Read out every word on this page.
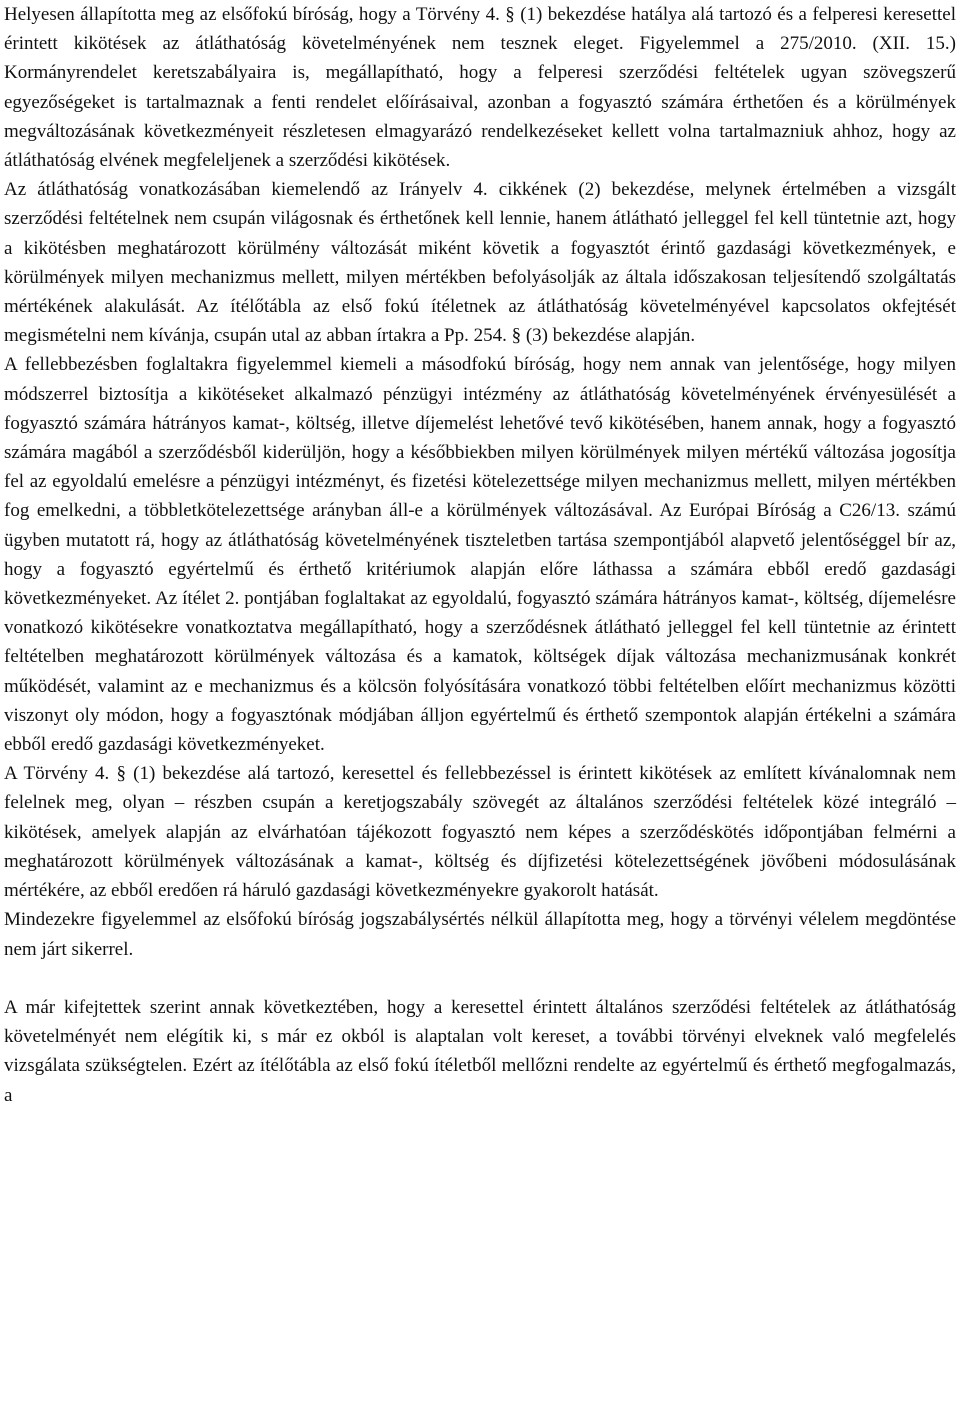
Helyesen állapította meg az elsőfokú bíróság, hogy a Törvény 4. § (1) bekezdése hatálya alá tartozó és a felperesi keresettel érintett kikötések az átláthatóság követelményének nem tesznek eleget. Figyelemmel a 275/2010. (XII. 15.) Kormányrendelet keretszabályaira is, megállapítható, hogy a felperesi szerződési feltételek ugyan szövegszerű egyezőségeket is tartalmaznak a fenti rendelet előírásaival, azonban a fogyasztó számára érthetően és a körülmények megváltozásának következményeit részletesen elmagyarázó rendelkezéseket kellett volna tartalmazniuk ahhoz, hogy az átláthatóság elvének megfeleljenek a szerződési kikötések.

Az átláthatóság vonatkozásában kiemelendő az Irányelv 4. cikkének (2) bekezdése, melynek értelmében a vizsgált szerződési feltételnek nem csupán világosnak és érthetőnek kell lennie, hanem átlátható jelleggel fel kell tüntetnie azt, hogy a kikötésben meghatározott körülmény változását miként követik a fogyasztót érintő gazdasági következmények, e körülmények milyen mechanizmus mellett, milyen mértékben befolyásolják az általa időszakosan teljesítendő szolgáltatás mértékének alakulását. Az ítélőtábla az első fokú ítéletnek az átláthatóság követelményével kapcsolatos okfejtését megismételni nem kívánja, csupán utal az abban írtakra a Pp. 254. § (3) bekezdése alapján.

A fellebbezésben foglaltakra figyelemmel kiemeli a másodfokú bíróság, hogy nem annak van jelentősége, hogy milyen módszerrel biztosítja a kikötéseket alkalmazó pénzügyi intézmény az átláthatóság követelményének érvényesülését a fogyasztó számára hátrányos kamat-, költség, illetve díjemelést lehetővé tevő kikötésében, hanem annak, hogy a fogyasztó számára magából a szerződésből kiderüljön, hogy a későbbiekben milyen körülmények milyen mértékű változása jogosítja fel az egyoldalú emelésre a pénzügyi intézményt, és fizetési kötelezettsége milyen mechanizmus mellett, milyen mértékben fog emelkedni, a többletkötelezettsége arányban áll-e a körülmények változásával. Az Európai Bíróság a C26/13. számú ügyben mutatott rá, hogy az átláthatóság követelményének tiszteletben tartása szempontjából alapvető jelentőséggel bír az, hogy a fogyasztó egyértelmű és érthető kritériumok alapján előre láthassa a számára ebből eredő gazdasági következményeket. Az ítélet 2. pontjában foglaltakat az egyoldalú, fogyasztó számára hátrányos kamat-, költség, díjemelésre vonatkozó kikötésekre vonatkoztatva megállapítható, hogy a szerződésnek átlátható jelleggel fel kell tüntetnie az érintett feltételben meghatározott körülmények változása és a kamatok, költségek díjak változása mechanizmusának konkrét működését, valamint az e mechanizmus és a kölcsön folyósítására vonatkozó többi feltételben előírt mechanizmus közötti viszonyt oly módon, hogy a fogyasztónak módjában álljon egyértelmű és érthető szempontok alapján értékelni a számára ebből eredő gazdasági következményeket.

A Törvény 4. § (1) bekezdése alá tartozó, keresettel és fellebbezéssel is érintett kikötések az említett kívánalomnak nem felelnek meg, olyan – részben csupán a keretjogszabály szövegét az általános szerződési feltételek közé integráló – kikötések, amelyek alapján az elvárhatóan tájékozott fogyasztó nem képes a szerződéskötés időpontjában felmérni a meghatározott körülmények változásának a kamat-, költség és díjfizetési kötelezettségének jövőbeni módosulásának mértékére, az ebből eredően rá háruló gazdasági következményekre gyakorolt hatását.

Mindezekre figyelemmel az elsőfokú bíróság jogszabálysértés nélkül állapította meg, hogy a törvényi vélelem megdöntése nem járt sikerrel.

A már kifejtettek szerint annak következtében, hogy a keresettel érintett általános szerződési feltételek az átláthatóság követelményét nem elégítik ki, s már ez okból is alaptalan volt kereset, a további törvényi elveknek való megfelelés vizsgálata szükségtelen. Ezért az ítélőtábla az első fokú ítéletből mellőzni rendelte az egyértelmű és érthető megfogalmazás, a
